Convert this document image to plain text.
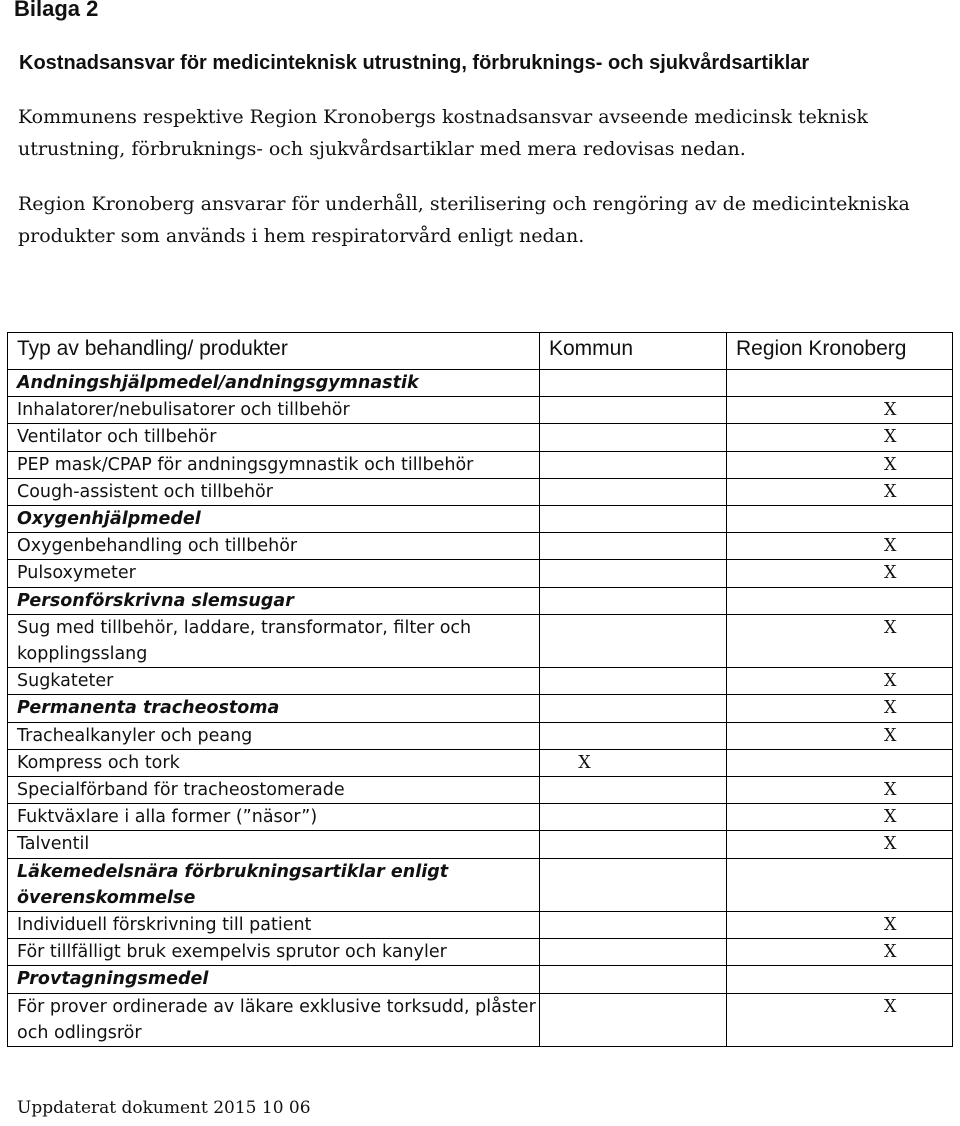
Bilaga 2
Kostnadsansvar för medicinteknisk utrustning, förbruknings- och sjukvårdsartiklar
Kommunens respektive Region Kronobergs kostnadsansvar avseende medicinsk teknisk utrustning, förbruknings- och sjukvårdsartiklar med mera redovisas nedan.
Region Kronoberg ansvarar för underhåll, sterilisering och rengöring av de medicintekniska produkter som används i hem respiratorvård enligt nedan.
Typ av behandling/ produkter	Kommun	Region Kronoberg
Andningshjälpmedel/andningsgymnastik	

Inhalatorer/nebulisatorer och tillbehör		X

Ventilator och tillbehör		X

PEP mask/CPAP för andningsgymnastik och tillbehör		X

Cough-assistent och tillbehör		X

Oxygenhjälpmedel	

Oxygenbehandling och tillbehör		X

Pulsoxymeter		X

Personförskrivna slemsugar	

Sug med tillbehör, laddare, transformator, filter och kopplingsslang		X

Sugkateter		X

Permanenta tracheostoma		X

Trachealkanyler och peang		X

Kompress och tork	X	

Specialförband för tracheostomerade		X

Fuktväxlare i alla former (”näsor”)		X

Talventil		X

Läkemedelsnära förbrukningsartiklar enligt överenskommelse	

Individuell förskrivning till patient		X

För tillfälligt bruk exempelvis sprutor och kanyler		X

Provtagningsmedel	

För prover ordinerade av läkare exklusive torksudd, plåster och odlingsrör		X
Uppdaterat dokument 2015 10 06
